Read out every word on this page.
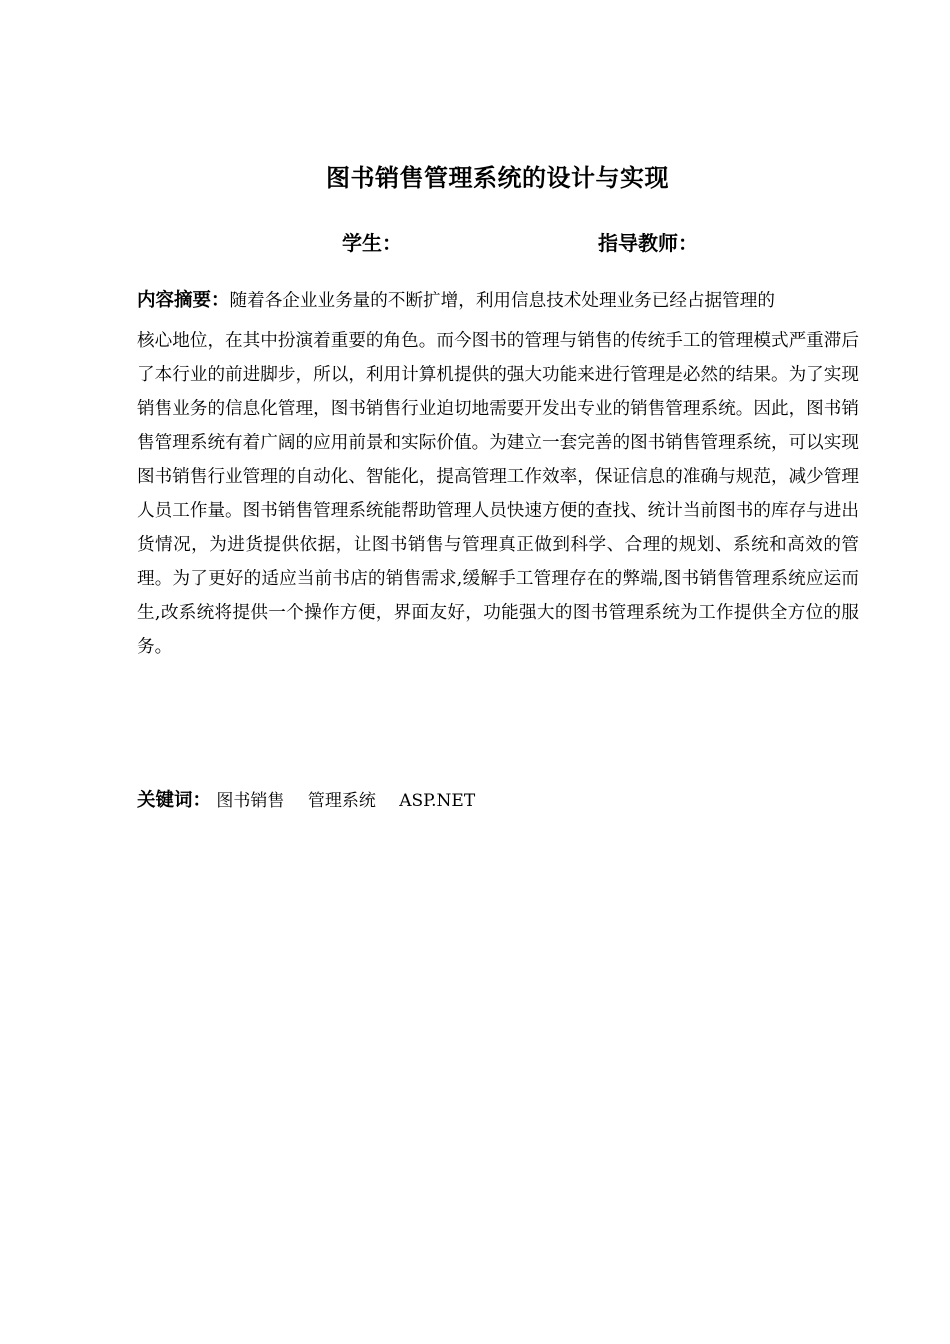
图书销售管理系统的设计与实现
学生：	指导教师：
内容摘要：随着各企业业务量的不断扩增，利用信息技术处理业务已经占据管理的
核心地位，在其中扮演着重要的角色。而今图书的管理与销售的传统手工的管理模式严重滞后了本行业的前进脚步，所以，利用计算机提供的强大功能来进行管理是必然的结果。为了实现销售业务的信息化管理，图书销售行业迫切地需要开发出专业的销售管理系统。因此，图书销售管理系统有着广阔的应用前景和实际价值。为建立一套完善的图书销售管理系统，可以实现图书销售行业管理的自动化、智能化，提高管理工作效率，保证信息的准确与规范，减少管理人员工作量。图书销售管理系统能帮助管理人员快速方便的查找、统计当前图书的库存与进出货情况，为进货提供依据，让图书销售与管理真正做到科学、合理的规划、系统和高效的管理。为了更好的适应当前书店的销售需求,缓解手工管理存在的弊端,图书销售管理系统应运而生,改系统将提供一个操作方便，界面友好，功能强大的图书管理系统为工作提供全方位的服务。
关键词： 图书销售 管理系统 ASP.NET
